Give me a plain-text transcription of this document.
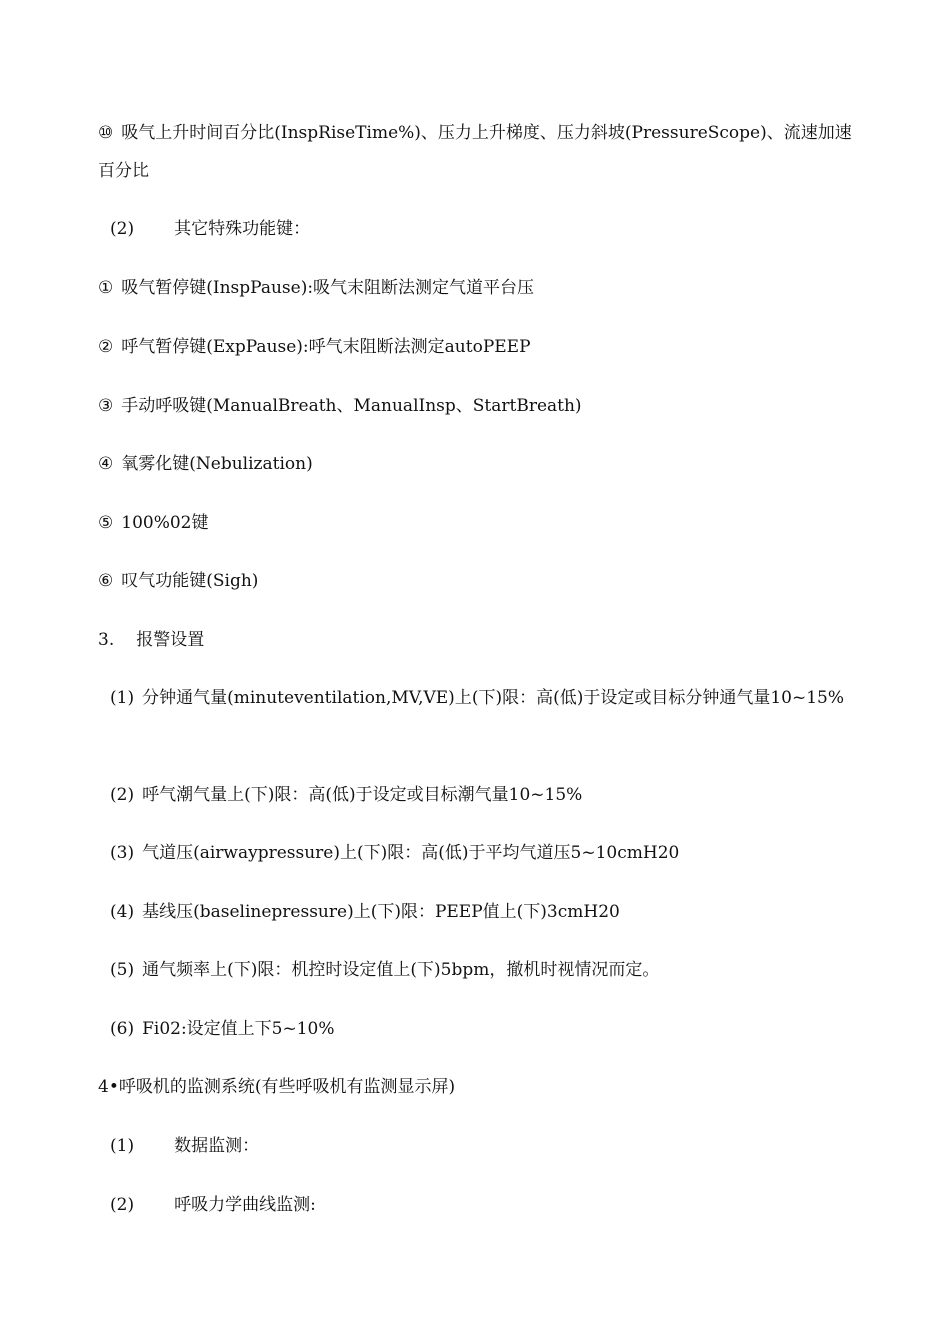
⑩ 吸气上升时间百分比(InspRiseTime%)、压力上升梯度、压力斜坡(PressureScope)、流速加速百分比
(2) 其它特殊功能键：
① 吸气暂停键(InspPause):吸气末阻断法测定气道平台压
② 呼气暂停键(ExpPause):呼气末阻断法测定autoPEEP
③ 手动呼吸键(ManualBreath、ManualInsp、StartBreath)
④ 氧雾化键(Nebulization)
⑤ 100%02键
⑥ 叹气功能键(Sigh)
3. 报警设置
(1) 分钟通气量(minuteventilation,MV,VE)上(下)限：高(低)于设定或目标分钟通气量10~15%
(2) 呼气潮气量上(下)限：高(低)于设定或目标潮气量10~15%
(3) 气道压(airwaypressure)上(下)限：高(低)于平均气道压5~10cmH20
(4) 基线压(baselinepressure)上(下)限：PEEP值上(下)3cmH20
(5) 通气频率上(下)限：机控时设定值上(下)5bpm，撤机时视情况而定。
(6) Fi02:设定值上下5~10%
4•呼吸机的监测系统(有些呼吸机有监测显示屏)
(1) 数据监测：
(2) 呼吸力学曲线监测:
